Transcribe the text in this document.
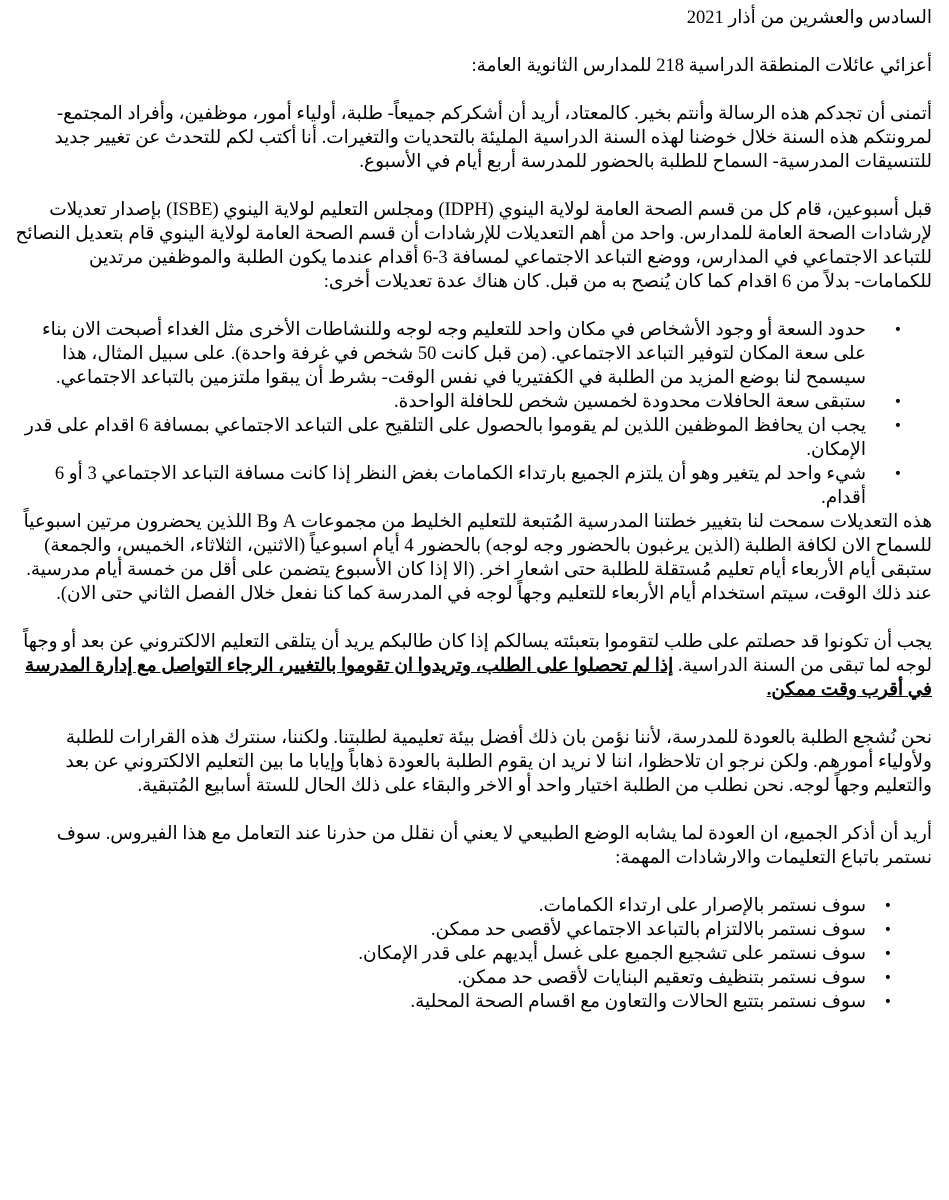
السادس والعشرين من أذار 2021

أعزائي عائلات المنطقة الدراسية 218 للمدارس الثانوية العامة:

أتمنى أن تجدكم هذه الرسالة وأنتم بخير. كالمعتاد، أريد أن أشكركم جميعاً- طلبة، أولياء أمور، موظفين، وأفراد المجتمع- لمرونتكم هذه السنة خلال خوضنا لهذه السنة الدراسية المليئة بالتحديات والتغيرات. أنا أكتب لكم للتحدث عن تغيير جديد للتنسيقات المدرسية- السماح للطلبة بالحضور للمدرسة أربع أيام في الأسبوع.

قبل أسبوعين، قام كل من قسم الصحة العامة لولاية الينوي (IDPH) ومجلس التعليم لولاية الينوي (ISBE) بإصدار تعديلات لإرشادات الصحة العامة للمدارس. واحد من أهم التعديلات للإرشادات أن قسم الصحة العامة لولاية الينوي قام بتعديل النصائح للتباعد الاجتماعي في المدارس، ووضع التباعد الاجتماعي لمسافة 3-6 أقدام عندما يكون الطلبة والموظفين مرتدين للكمامات- بدلاً من 6 اقدام كما كان يُنصح به من قبل. كان هناك عدة تعديلات أخرى:

•
حدود السعة أو وجود الأشخاص في مكان واحد للتعليم وجه لوجه وللنشاطات الأخرى مثل الغداء أصبحت الان بناء على سعة المكان لتوفير التباعد الاجتماعي. (من قبل كانت 50 شخص في غرفة واحدة). على سبيل المثال، هذا سيسمح لنا بوضع المزيد من الطلبة في الكفتيريا في نفس الوقت- بشرط أن يبقوا ملتزمين بالتباعد الاجتماعي.
•
ستبقى سعة الحافلات محدودة لخمسين شخص للحافلة الواحدة.
•
يجب ان يحافظ الموظفين اللذين لم يقوموا بالحصول على التلقيح على التباعد الاجتماعي بمسافة 6 اقدام على قدر الإمكان.
•
شيء واحد لم يتغير وهو أن يلتزم الجميع بارتداء الكمامات بغض النظر إذا كانت مسافة التباعد الاجتماعي 3 أو 6 أقدام.

هذه التعديلات سمحت لنا بتغيير خطتنا المدرسية المُتبعة للتعليم الخليط من مجموعات A وB اللذين يحضرون مرتين اسبوعياً للسماح الان لكافة الطلبة (الذين يرغبون بالحضور وجه لوجه) بالحضور 4 أيام اسبوعياً (الاثنين، الثلاثاء، الخميس، والجمعة) ستبقى أيام الأربعاء أيام تعليم مُستقلة للطلبة حتى اشعار اخر. (الا إذا كان الأسبوع يتضمن على أقل من خمسة أيام مدرسية. عند ذلك الوقت، سيتم استخدام أيام الأربعاء للتعليم وجهاً لوجه في المدرسة كما كنا نفعل خلال الفصل الثاني حتى الان).

يجب أن تكونوا قد حصلتم على طلب لتقوموا بتعبئته يسالكم إذا كان طالبكم يريد أن يتلقى التعليم الالكتروني عن بعد أو وجهاً لوجه لما تبقى من السنة الدراسية. إذا لم تحصلوا على الطلب، وتريدوا ان تقوموا بالتغيير، الرجاء التواصل مع إدارة المدرسة في أقرب وقت ممكن.

نحن نُشجع الطلبة بالعودة للمدرسة، لأننا نؤمن بان ذلك أفضل بيئة تعليمية لطلبتنا. ولكننا، سنترك هذه القرارات للطلبة ولأولياء أمورهم. ولكن نرجو ان تلاحظوا، اننا لا نريد ان يقوم الطلبة بالعودة ذهاباً وإيابا ما بين التعليم الالكتروني عن بعد والتعليم وجهاً لوجه. نحن نطلب من الطلبة اختيار واحد أو الاخر والبقاء على ذلك الحال للستة أسابيع المُتبقية.

أريد أن أذكر الجميع، ان العودة لما يشابه الوضع الطبيعي لا يعني أن نقلل من حذرنا عند التعامل مع هذا الفيروس. سوف نستمر باتباع التعليمات والارشادات المهمة:

•
سوف نستمر بالإصرار على ارتداء الكمامات.
•
سوف نستمر بالالتزام بالتباعد الاجتماعي لأقصى حد ممكن.
•
سوف نستمر على تشجيع الجميع على غسل أيديهم على قدر الإمكان.
•
سوف نستمر بتنظيف وتعقيم البنايات لأقصى حد ممكن.
•
سوف نستمر بتتبع الحالات والتعاون مع اقسام الصحة المحلية.
